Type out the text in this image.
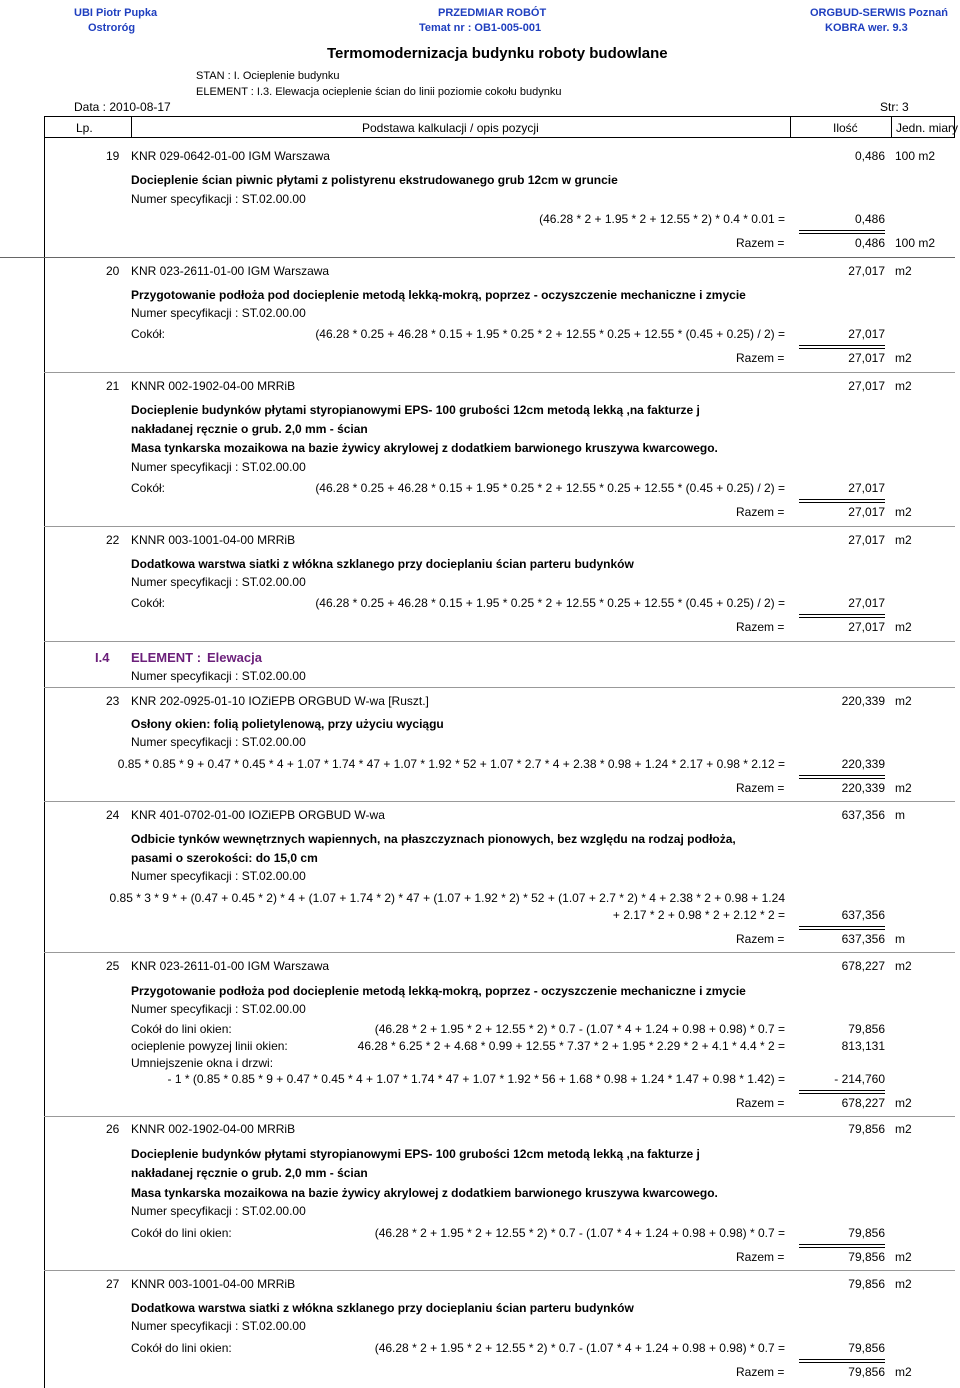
UBI Piotr Pupka
Ostroróg
PRZEDMIAR ROBÓT
Temat nr : OB1-005-001
ORGBUD-SERWIS Poznań
KOBRA wer. 9.3
Termomodernizacja budynku roboty budowlane
STAN : I. Ocieplenie budynku
ELEMENT : I.3. Elewacja ocieplenie ścian do linii poziomie cokołu budynku
Data : 2010-08-17	Str: 3
Lp.	Podstawa kalkulacji / opis pozycji	Ilość	Jedn. miary
19 KNR 029-0642-01-00 IGM Warszawa	0,486 100 m2
Docieplenie ścian piwnic płytami z polistyrenu ekstrudowanego grub 12cm w gruncie
Numer specyfikacji : ST.02.00.00
(46.28 * 2 + 1.95 * 2 + 12.55 * 2) * 0.4 * 0.01 =	0,486
Razem =	0,486 100 m2
20 KNR 023-2611-01-00 IGM Warszawa	27,017 m2
Przygotowanie podłoża pod docieplenie metodą lekką-mokrą, poprzez - oczyszczenie mechaniczne i zmycie
Numer specyfikacji : ST.02.00.00
Cokół:	(46.28 * 0.25 + 46.28 * 0.15 + 1.95 * 0.25 * 2 + 12.55 * 0.25 + 12.55 * (0.45 + 0.25) / 2) =	27,017
Razem =	27,017 m2
21 KNNR 002-1902-04-00 MRRiB	27,017 m2
Docieplenie budynków płytami styropianowymi EPS- 100 grubości 12cm metodą lekką ,na fakturze j
nakładanej ręcznie o grub. 2,0 mm - ścian
Masa tynkarska mozaikowa na bazie żywicy akrylowej z dodatkiem barwionego kruszywa kwarcowego.
Numer specyfikacji : ST.02.00.00
Cokół:	(46.28 * 0.25 + 46.28 * 0.15 + 1.95 * 0.25 * 2 + 12.55 * 0.25 + 12.55 * (0.45 + 0.25) / 2) =	27,017
Razem =	27,017 m2
22 KNNR 003-1001-04-00 MRRiB	27,017 m2
Dodatkowa warstwa siatki z włókna szklanego przy docieplaniu ścian parteru budynków
Numer specyfikacji : ST.02.00.00
Cokół:	(46.28 * 0.25 + 46.28 * 0.15 + 1.95 * 0.25 * 2 + 12.55 * 0.25 + 12.55 * (0.45 + 0.25) / 2) =	27,017
Razem =	27,017 m2
I.4 ELEMENT : Elewacja
Numer specyfikacji : ST.02.00.00
23 KNR 202-0925-01-10 IOZiEPB ORGBUD W-wa [Ruszt.]	220,339 m2
Osłony okien: folią polietylenową, przy użyciu wyciągu
Numer specyfikacji : ST.02.00.00
0.85 * 0.85 * 9 + 0.47 * 0.45 * 4 + 1.07 * 1.74 * 47 + 1.07 * 1.92 * 52 + 1.07 * 2.7 * 4 + 2.38 * 0.98 + 1.24 * 2.17 + 0.98 * 2.12 =	220,339
Razem =	220,339 m2
24 KNR 401-0702-01-00 IOZiEPB ORGBUD W-wa	637,356 m
Odbicie tynków wewnętrznych wapiennych, na płaszczyznach pionowych, bez względu na rodzaj podłoża,
pasami o szerokości: do 15,0 cm
Numer specyfikacji : ST.02.00.00
0.85 * 3 * 9 * + (0.47 + 0.45 * 2) * 4 + (1.07 + 1.74 * 2) * 47 + (1.07 + 1.92 * 2) * 52 + (1.07 + 2.7 * 2) * 4 + 2.38 * 2 + 0.98 + 1.24
+ 2.17 * 2 + 0.98 * 2 + 2.12 * 2 =	637,356
Razem =	637,356 m
25 KNR 023-2611-01-00 IGM Warszawa	678,227 m2
Przygotowanie podłoża pod docieplenie metodą lekką-mokrą, poprzez - oczyszczenie mechaniczne i zmycie
Numer specyfikacji : ST.02.00.00
Cokół do lini okien:	(46.28 * 2 + 1.95 * 2 + 12.55 * 2) * 0.7 - (1.07 * 4 + 1.24 + 0.98 + 0.98) * 0.7 =	79,856
ocieplenie powyzej linii okien:	46.28 * 6.25 * 2 + 4.68 * 0.99 + 12.55 * 7.37 * 2 + 1.95 * 2.29 * 2 + 4.1 * 4.4 * 2 =	813,131
Umniejszenie okna i drzwi:
- 1 * (0.85 * 0.85 * 9 + 0.47 * 0.45 * 4 + 1.07 * 1.74 * 47 + 1.07 * 1.92 * 56 + 1.68 * 0.98 + 1.24 * 1.47 + 0.98 * 1.42) =	- 214,760
Razem =	678,227 m2
26 KNNR 002-1902-04-00 MRRiB	79,856 m2
Docieplenie budynków płytami styropianowymi EPS- 100 grubości 12cm metodą lekką ,na fakturze j
nakładanej ręcznie o grub. 2,0 mm - ścian
Masa tynkarska mozaikowa na bazie żywicy akrylowej z dodatkiem barwionego kruszywa kwarcowego.
Numer specyfikacji : ST.02.00.00
Cokół do lini okien:	(46.28 * 2 + 1.95 * 2 + 12.55 * 2) * 0.7 - (1.07 * 4 + 1.24 + 0.98 + 0.98) * 0.7 =	79,856
Razem =	79,856 m2
27 KNNR 003-1001-04-00 MRRiB	79,856 m2
Dodatkowa warstwa siatki z włókna szklanego przy docieplaniu ścian parteru budynków
Numer specyfikacji : ST.02.00.00
Cokół do lini okien:	(46.28 * 2 + 1.95 * 2 + 12.55 * 2) * 0.7 - (1.07 * 4 + 1.24 + 0.98 + 0.98) * 0.7 =	79,856
Razem =	79,856 m2
